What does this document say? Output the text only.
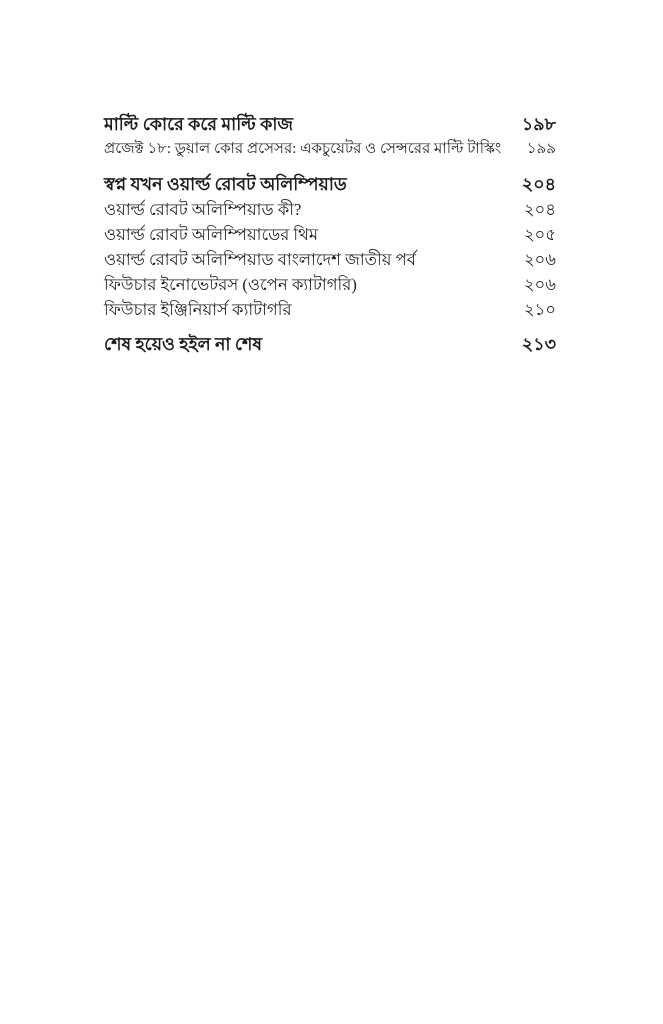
মাল্টি কোরে করে মাল্টি কাজ	১৯৮
প্রজেক্ট ১৮: ডুয়াল কোর প্রসেসর: একচুয়েটর ও সেন্সরের মাল্টি টাস্কিং ১৯৯
স্বপ্ন যখন ওয়ার্ল্ড রোবট অলিম্পিয়াড	২০৪
ওয়ার্ল্ড রোবট অলিম্পিয়াড কী?	২০৪
ওয়ার্ল্ড রোবট অলিম্পিয়াডের থিম	২০৫
ওয়ার্ল্ড রোবট অলিম্পিয়াড বাংলাদেশ জাতীয় পর্ব	২০৬
ফিউচার ইনোভেটরস (ওপেন ক্যাটাগরি)	২০৬
ফিউচার ইঞ্জিনিয়ার্স ক্যাটাগরি	২১০
শেষ হয়েও হইল না শেষ	২১৩
